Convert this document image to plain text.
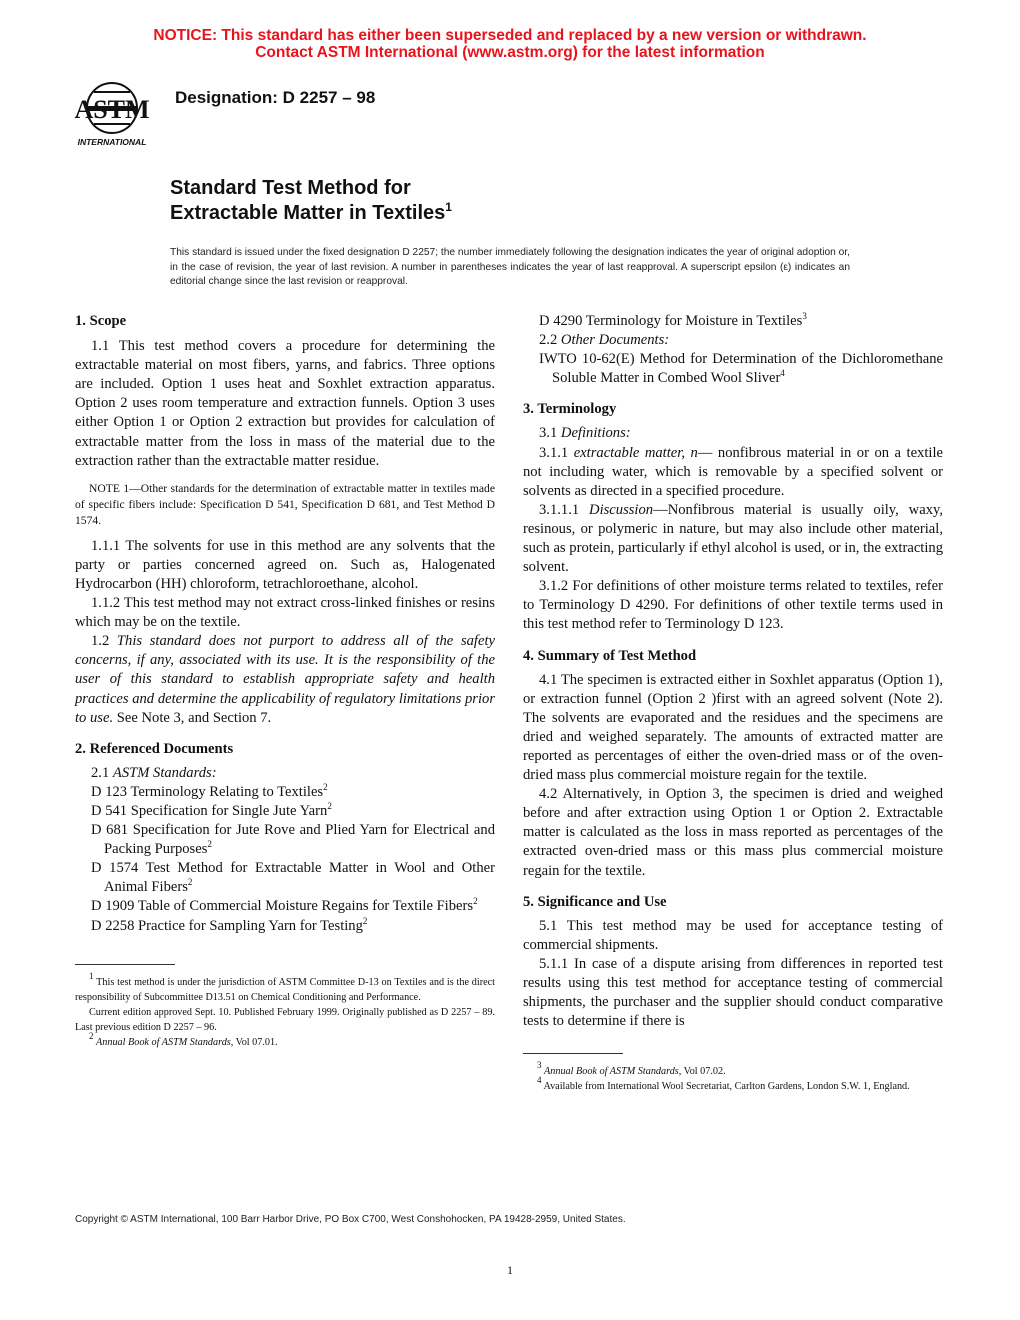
NOTICE: This standard has either been superseded and replaced by a new version or withdrawn.
Contact ASTM International (www.astm.org) for the latest information
ASTM
INTERNATIONAL
Designation: D 2257 – 98
Standard Test Method for
Extractable Matter in Textiles$^1$
This standard is issued under the fixed designation D 2257; the number immediately following the designation indicates the year of original adoption or, in the case of revision, the year of last revision. A number in parentheses indicates the year of last reapproval. A superscript epsilon (ε) indicates an editorial change since the last revision or reapproval.
1. Scope

1.1 This test method covers a procedure for determining the extractable material on most fibers, yarns, and fabrics. Three options are included. Option 1 uses heat and Soxhlet extraction apparatus. Option 2 uses room temperature and extraction funnels. Option 3 uses either Option 1 or Option 2 extraction but provides for calculation of extractable matter from the loss in mass of the material due to the extraction rather than the extractable matter residue.

NOTE 1—Other standards for the determination of extractable matter in textiles made of specific fibers include: Specification D 541, Specification D 681, and Test Method D 1574.

1.1.1 The solvents for use in this method are any solvents that the party or parties concerned agreed on. Such as, Halogenated Hydrocarbon (HH) chloroform, tetrachloroethane, alcohol.

1.1.2 This test method may not extract cross-linked finishes or resins which may be on the textile.

1.2 This standard does not purport to address all of the safety concerns, if any, associated with its use. It is the responsibility of the user of this standard to establish appropriate safety and health practices and determine the applicability of regulatory limitations prior to use. See Note 3, and Section 7.

2. Referenced Documents

2.1 ASTM Standards:

D 123 Terminology Relating to Textiles$^2$

D 541 Specification for Single Jute Yarn$^2$

D 681 Specification for Jute Rove and Plied Yarn for Electrical and Packing Purposes$^2$

D 1574 Test Method for Extractable Matter in Wool and Other Animal Fibers$^2$

D 1909 Table of Commercial Moisture Regains for Textile Fibers$^2$

D 2258 Practice for Sampling Yarn for Testing$^2$

$^1$ This test method is under the jurisdiction of ASTM Committee D-13 on Textiles and is the direct responsibility of Subcommittee D13.51 on Chemical Conditioning and Performance.

Current edition approved Sept. 10. Published February 1999. Originally published as D 2257 – 89. Last previous edition D 2257 – 96.

$^2$ Annual Book of ASTM Standards, Vol 07.01.

D 4290 Terminology for Moisture in Textiles$^3$

2.2 Other Documents:

IWTO 10-62(E) Method for Determination of the Dichloromethane Soluble Matter in Combed Wool Sliver$^4$

3. Terminology

3.1 Definitions:

3.1.1 extractable matter, n— nonfibrous material in or on a textile not including water, which is removable by a specified solvent or solvents as directed in a specified procedure.

3.1.1.1 Discussion—Nonfibrous material is usually oily, waxy, resinous, or polymeric in nature, but may also include other material, such as protein, particularly if ethyl alcohol is used, or in, the extracting solvent.

3.1.2 For definitions of other moisture terms related to textiles, refer to Terminology D 4290. For definitions of other textile terms used in this test method refer to Terminology D 123.

4. Summary of Test Method

4.1 The specimen is extracted either in Soxhlet apparatus (Option 1), or extraction funnel (Option 2 )first with an agreed solvent (Note 2). The solvents are evaporated and the residues and the specimens are dried and weighed separately. The amounts of extracted matter are reported as percentages of either the oven-dried mass or of the oven-dried mass plus commercial moisture regain for the textile.

4.2 Alternatively, in Option 3, the specimen is dried and weighed before and after extraction using Option 1 or Option 2. Extractable matter is calculated as the loss in mass reported as percentages of the extracted oven-dried mass or this mass plus commercial moisture regain for the textile.

5. Significance and Use

5.1 This test method may be used for acceptance testing of commercial shipments.

5.1.1 In case of a dispute arising from differences in reported test results using this test method for acceptance testing of commercial shipments, the purchaser and the supplier should conduct comparative tests to determine if there is

$^3$ Annual Book of ASTM Standards, Vol 07.02.

$^4$ Available from International Wool Secretariat, Carlton Gardens, London S.W. 1, England.

Copyright © ASTM International, 100 Barr Harbor Drive, PO Box C700, West Conshohocken, PA 19428-2959, United States.
1
